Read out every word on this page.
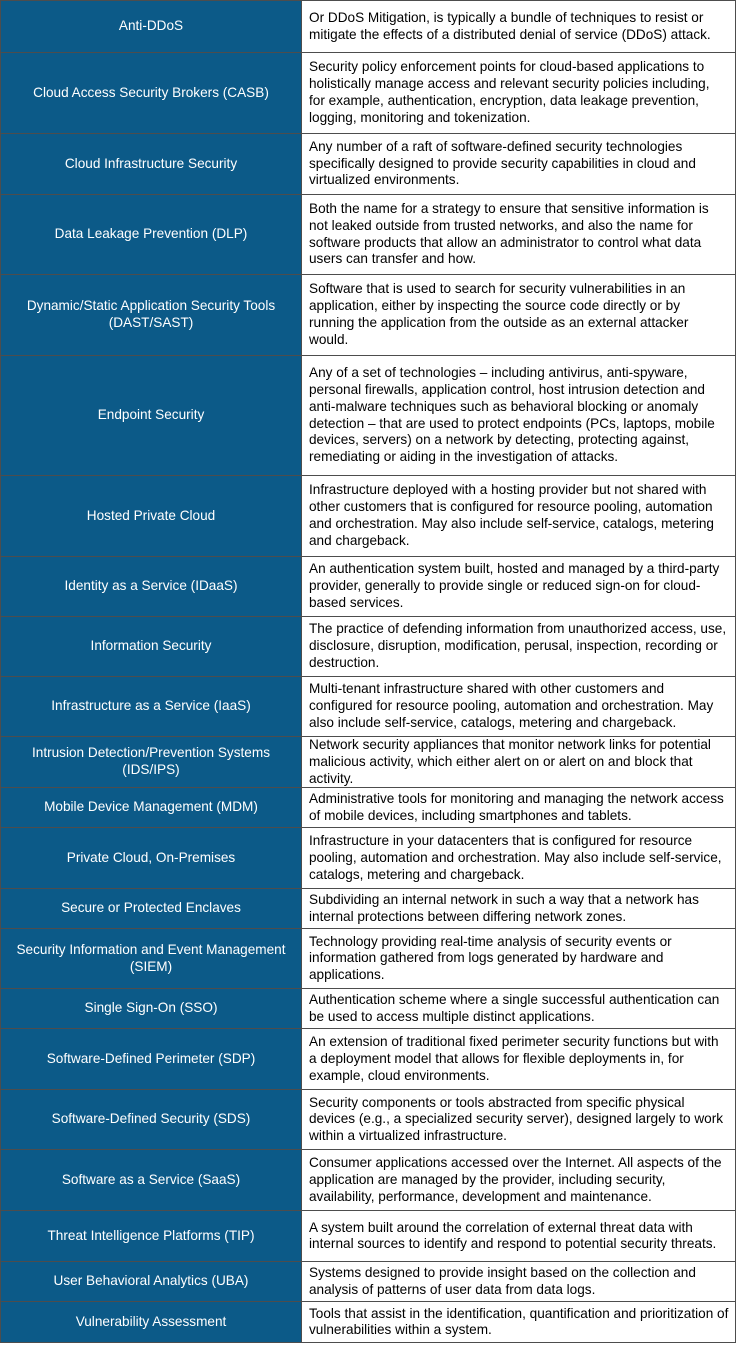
Anti-DDoS	Or DDoS Mitigation, is typically a bundle of techniques to resist or mitigate the effects of a distributed denial of service (DDoS) attack.
Cloud Access Security Brokers (CASB)	Security policy enforcement points for cloud-based applications to holistically manage access and relevant security policies including, for example, authentication, encryption, data leakage prevention, logging, monitoring and tokenization.
Cloud Infrastructure Security	Any number of a raft of software-defined security technologies specifically designed to provide security capabilities in cloud and virtualized environments.
Data Leakage Prevention (DLP)	Both the name for a strategy to ensure that sensitive information is not leaked outside from trusted networks, and also the name for software products that allow an administrator to control what data users can transfer and how.
Dynamic/Static Application Security Tools (DAST/SAST)	Software that is used to search for security vulnerabilities in an application, either by inspecting the source code directly or by running the application from the outside as an external attacker would.
Endpoint Security	Any of a set of technologies – including antivirus, anti-spyware, personal firewalls, application control, host intrusion detection and anti-malware techniques such as behavioral blocking or anomaly detection – that are used to protect endpoints (PCs, laptops, mobile devices, servers) on a network by detecting, protecting against, remediating or aiding in the investigation of attacks.
Hosted Private Cloud	Infrastructure deployed with a hosting provider but not shared with other customers that is configured for resource pooling, automation and orchestration. May also include self-service, catalogs, metering and chargeback.
Identity as a Service (IDaaS)	An authentication system built, hosted and managed by a third-party provider, generally to provide single or reduced sign-on for cloud-based services.
Information Security	The practice of defending information from unauthorized access, use, disclosure, disruption, modification, perusal, inspection, recording or destruction.
Infrastructure as a Service (IaaS)	Multi-tenant infrastructure shared with other customers and configured for resource pooling, automation and orchestration. May also include self-service, catalogs, metering and chargeback.
Intrusion Detection/Prevention Systems (IDS/IPS)	Network security appliances that monitor network links for potential malicious activity, which either alert on or alert on and block that activity.
Mobile Device Management (MDM)	Administrative tools for monitoring and managing the network access of mobile devices, including smartphones and tablets.
Private Cloud, On-Premises	Infrastructure in your datacenters that is configured for resource pooling, automation and orchestration. May also include self-service, catalogs, metering and chargeback.
Secure or Protected Enclaves	Subdividing an internal network in such a way that a network has internal protections between differing network zones.
Security Information and Event Management (SIEM)	Technology providing real-time analysis of security events or information gathered from logs generated by hardware and applications.
Single Sign-On (SSO)	Authentication scheme where a single successful authentication can be used to access multiple distinct applications.
Software-Defined Perimeter (SDP)	An extension of traditional fixed perimeter security functions but with a deployment model that allows for flexible deployments in, for example, cloud environments.
Software-Defined Security (SDS)	Security components or tools abstracted from specific physical devices (e.g., a specialized security server), designed largely to work within a virtualized infrastructure.
Software as a Service (SaaS)	Consumer applications accessed over the Internet. All aspects of the application are managed by the provider, including security, availability, performance, development and maintenance.
Threat Intelligence Platforms (TIP)	A system built around the correlation of external threat data with internal sources to identify and respond to potential security threats.
User Behavioral Analytics (UBA)	Systems designed to provide insight based on the collection and analysis of patterns of user data from data logs.
Vulnerability Assessment	Tools that assist in the identification, quantification and prioritization of vulnerabilities within a system.
